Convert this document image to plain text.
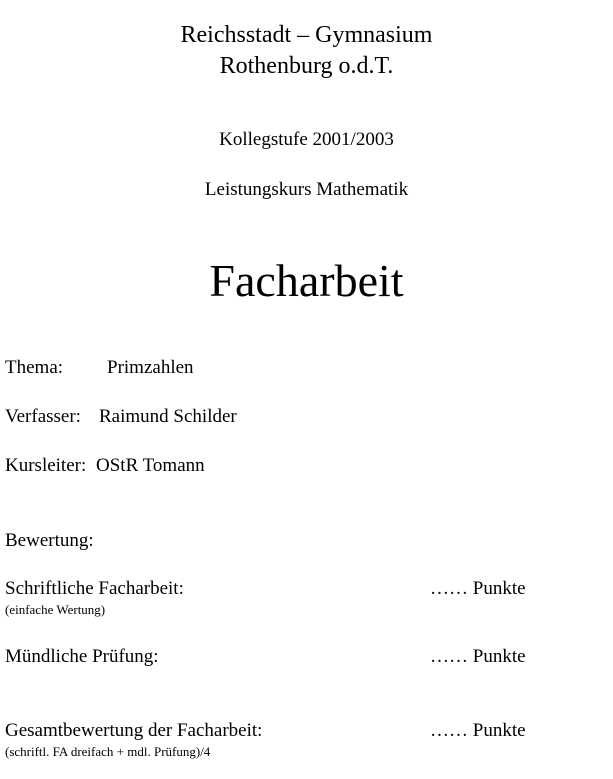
Reichsstadt – Gymnasium
Rothenburg o.d.T.
Kollegstufe 2001/2003
Leistungskurs Mathematik
Facharbeit
Thema: Primzahlen
Verfasser: Raimund Schilder
Kursleiter: OStR Tomann
Bewertung:
Schriftliche Facharbeit:
(einfache Wertung)
…… Punkte
Mündliche Prüfung:	…… Punkte
Gesamtbewertung der Facharbeit:
(schriftl. FA dreifach + mdl. Prüfung)/4
…… Punkte
